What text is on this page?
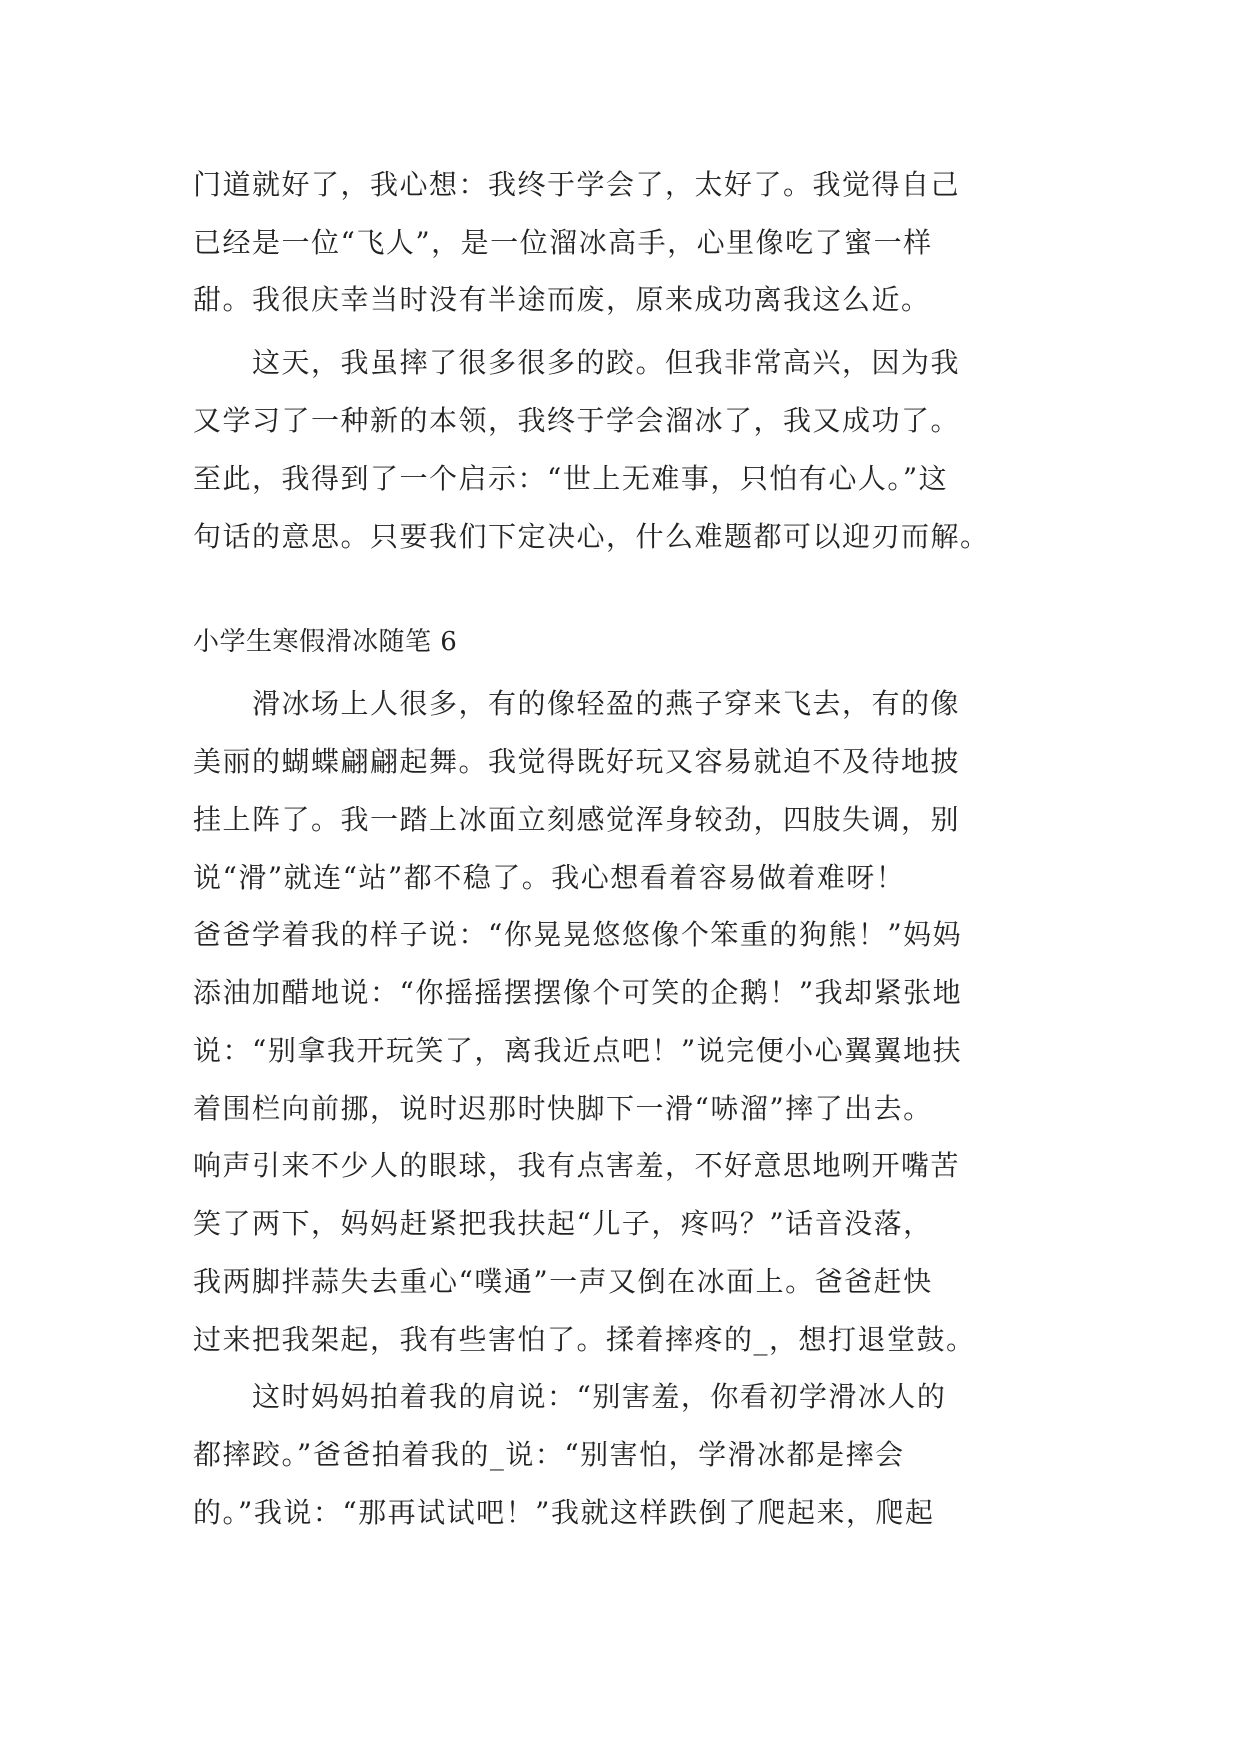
门道就好了，我心想：我终于学会了，太好了。我觉得自己
已经是一位“飞人”，是一位溜冰高手，心里像吃了蜜一样
甜。我很庆幸当时没有半途而废，原来成功离我这么近。
　　这天，我虽摔了很多很多的跤。但我非常高兴，因为我
又学习了一种新的本领，我终于学会溜冰了，我又成功了。
至此，我得到了一个启示：“世上无难事，只怕有心人。”这
句话的意思。只要我们下定决心，什么难题都可以迎刃而解。
小学生寒假滑冰随笔 6
　　滑冰场上人很多，有的像轻盈的燕子穿来飞去，有的像
美丽的蝴蝶翩翩起舞。我觉得既好玩又容易就迫不及待地披
挂上阵了。我一踏上冰面立刻感觉浑身较劲，四肢失调，别
说“滑”就连“站”都不稳了。我心想看着容易做着难呀！
爸爸学着我的样子说：“你晃晃悠悠像个笨重的狗熊！”妈妈
添油加醋地说：“你摇摇摆摆像个可笑的企鹅！”我却紧张地
说：“别拿我开玩笑了，离我近点吧！”说完便小心翼翼地扶
着围栏向前挪，说时迟那时快脚下一滑“哧溜”摔了出去。
响声引来不少人的眼球，我有点害羞，不好意思地咧开嘴苦
笑了两下，妈妈赶紧把我扶起“儿子，疼吗？”话音没落，
我两脚拌蒜失去重心“噗通”一声又倒在冰面上。爸爸赶快
过来把我架起，我有些害怕了。揉着摔疼的_，想打退堂鼓。
　　这时妈妈拍着我的肩说：“别害羞，你看初学滑冰人的
都摔跤。”爸爸拍着我的_说：“别害怕，学滑冰都是摔会
的。”我说：“那再试试吧！”我就这样跌倒了爬起来，爬起
